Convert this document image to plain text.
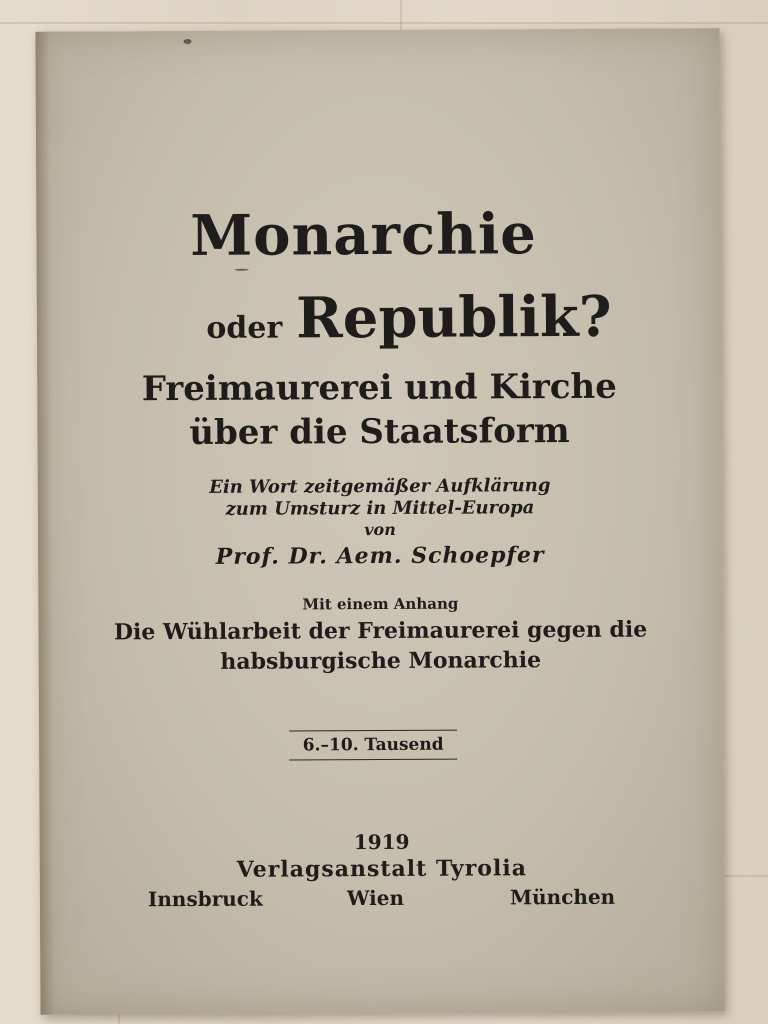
Monarchie
oder Republik?
Freimaurerei und Kirche
über die Staatsform
Ein Wort zeitgemäßer Aufklärung
zum Umsturz in Mittel-Europa
von
Prof. Dr. Aem. Schoepfer
Mit einem Anhang
Die Wühlarbeit der Freimaurerei gegen die
habsburgische Monarchie
6.–10. Tausend
1919
Verlagsanstalt Tyrolia
Innsbruck	Wien	München
